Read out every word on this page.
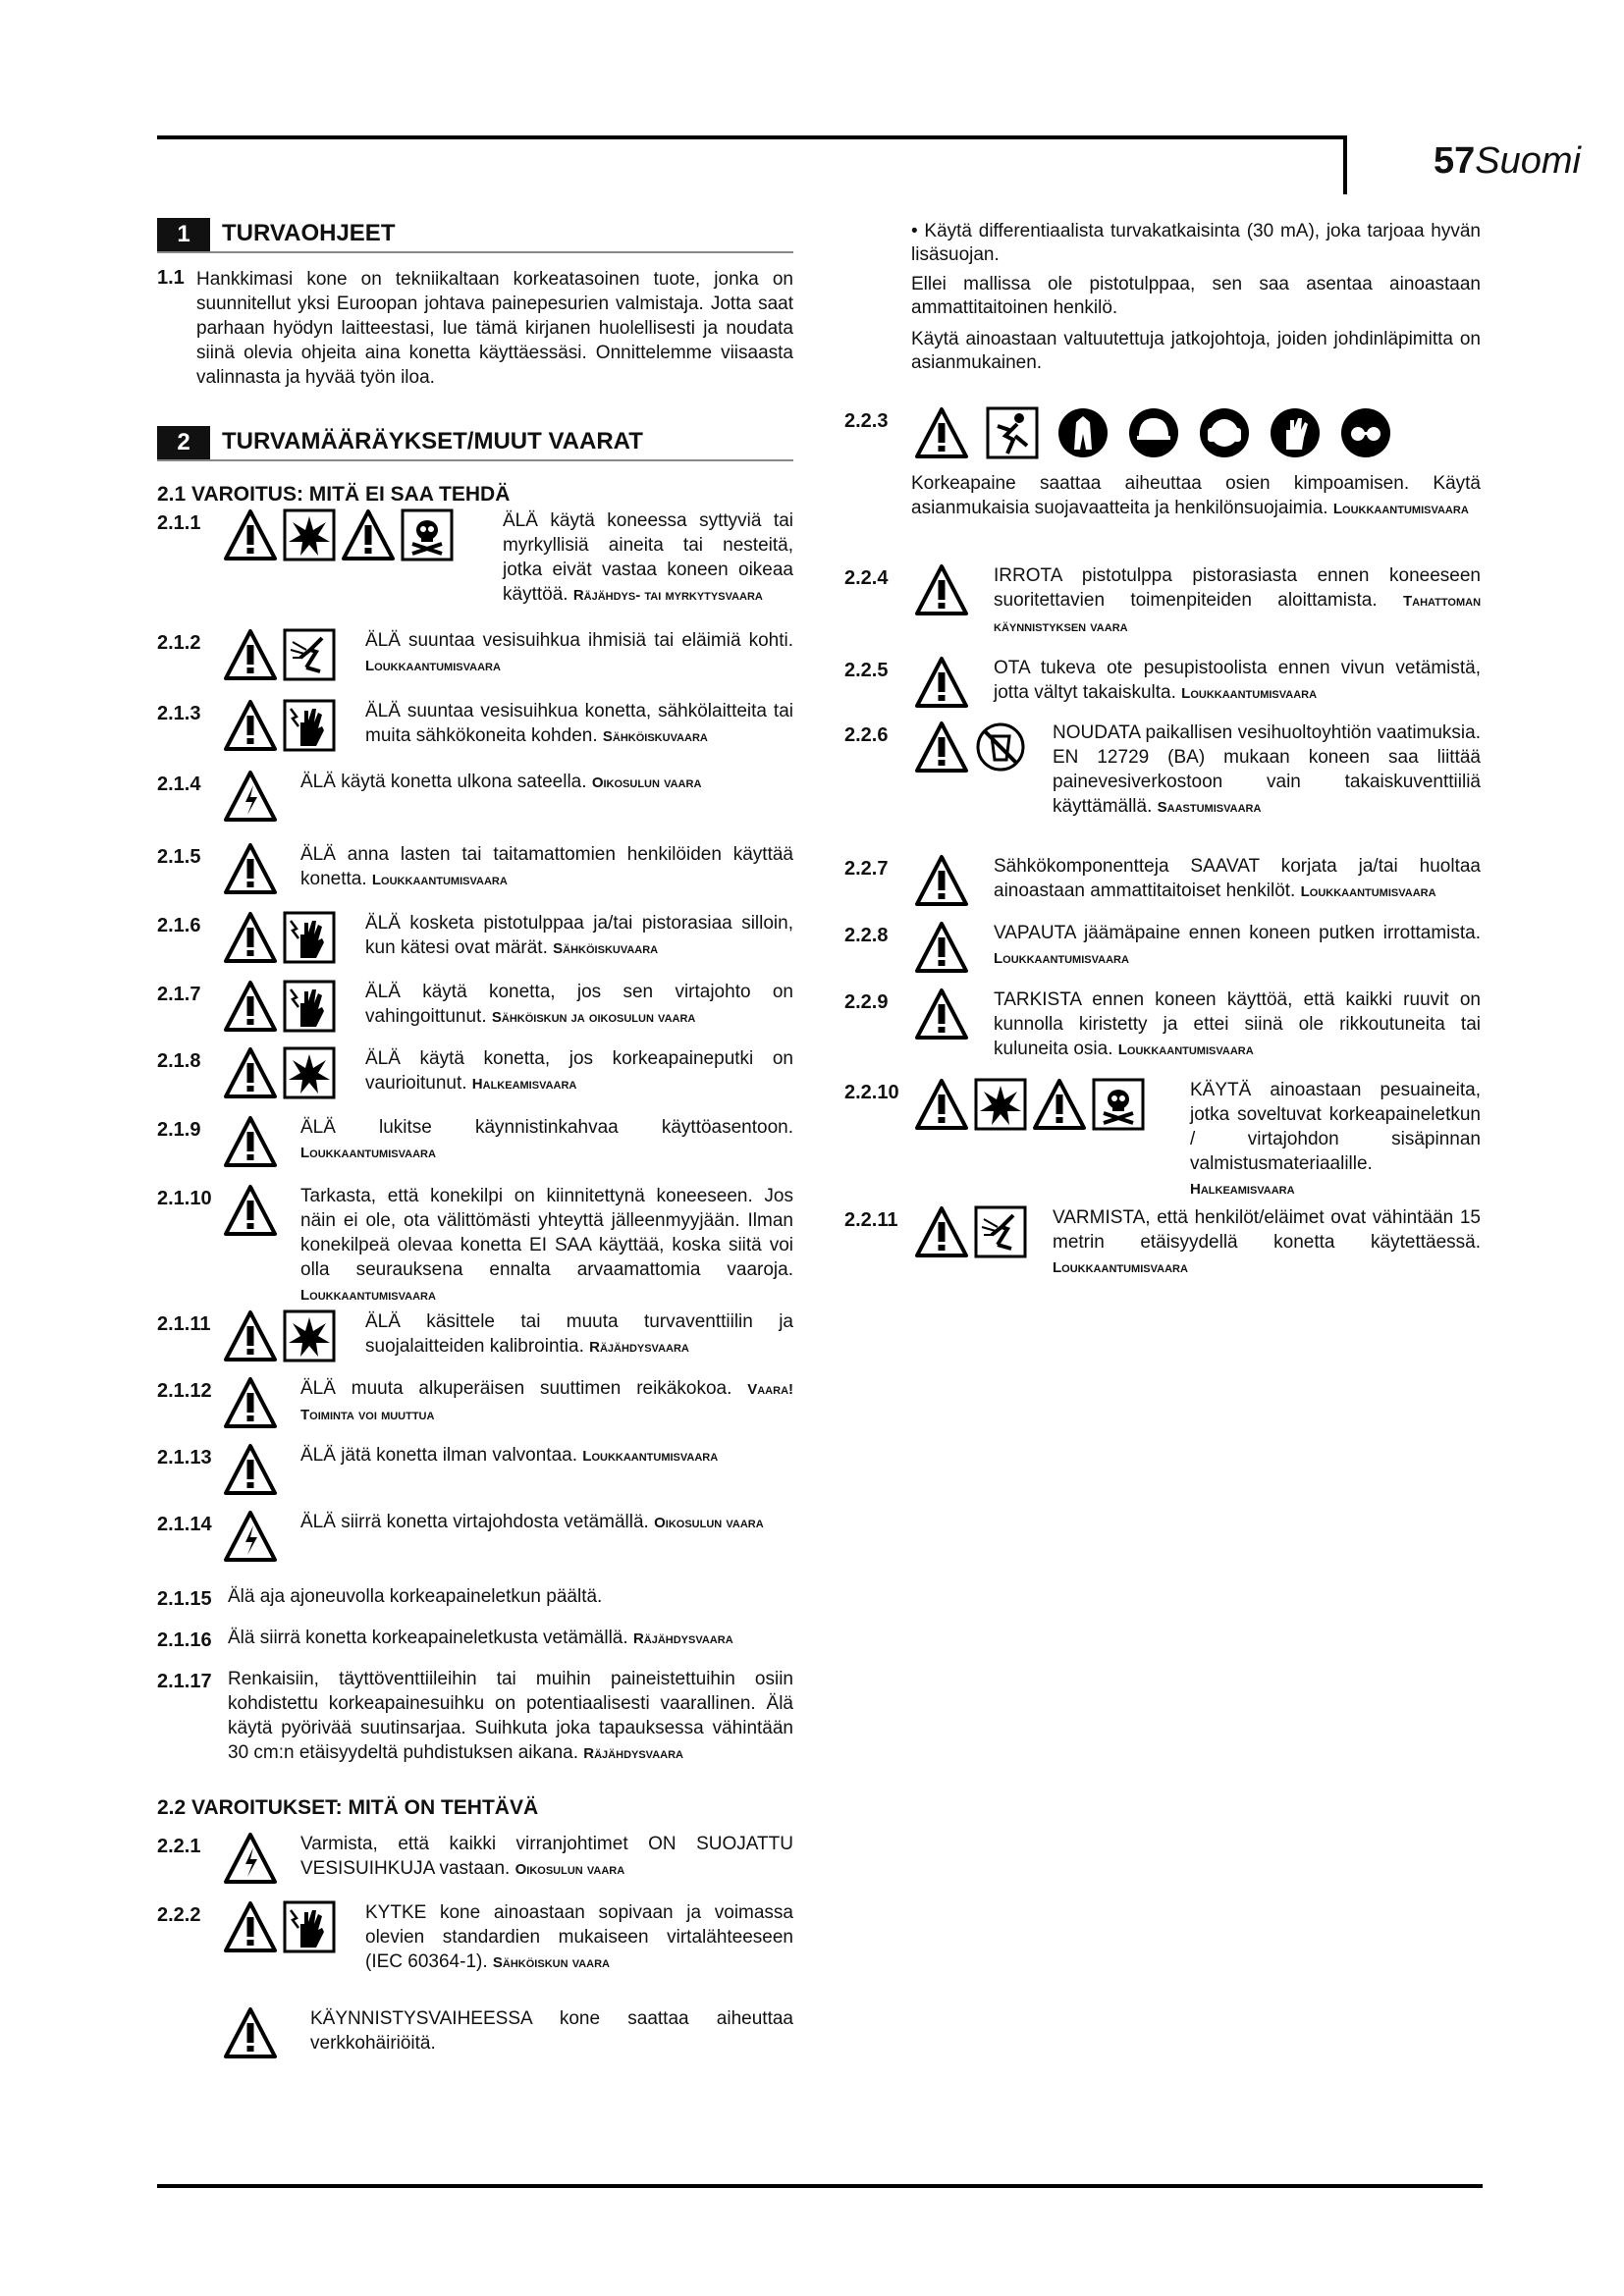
57Suomi
1	TURVAOHJEET
1.1 Hankkimasi kone on tekniikaltaan korkeatasoinen tuote, jonka on suunnitellut yksi Euroopan johtava painepesurien valmistaja. Jotta saat parhaan hyödyn laitteestasi, lue tämä kirjanen huolellisesti ja noudata siinä olevia ohjeita aina konetta käyttäessäsi. Onnittelemme viisaasta valinnasta ja hyvää työn iloa.
2	TURVAMÄÄRÄYKSET/MUUT VAARAT
2.1 VAROITUS: MITÄ EI SAA TEHDÄ
2.1.1	ÄLÄ käytä koneessa syttyviä tai myrkyllisiä aineita tai nesteitä, jotka eivät vastaa koneen oikeaa käyttöä. Räjähdys- tai myrkytysvaara
2.1.2	ÄLÄ suuntaa vesisuihkua ihmisiä tai eläimiä kohti. Loukkaantumisvaara
2.1.3	ÄLÄ suuntaa vesisuihkua konetta, sähkölaitteita tai muita sähkökoneita kohden. Sähköiskuvaara
2.1.4	ÄLÄ käytä konetta ulkona sateella. Oikosulun vaara
2.1.5	ÄLÄ anna lasten tai taitamattomien henkilöiden käyttää konetta. Loukkaantumisvaara
2.1.6	ÄLÄ kosketa pistotulppaa ja/tai pistorasiaa silloin, kun kätesi ovat märät. Sähköiskuvaara
2.1.7	ÄLÄ käytä konetta, jos sen virtajohto on vahingoittunut. Sähköiskun ja oikosulun vaara
2.1.8	ÄLÄ käytä konetta, jos korkeapaineputki on vaurioitunut. Halkeamisvaara
2.1.9	ÄLÄ lukitse käynnistinkahvaa käyttöasentoon. Loukkaantumisvaara
2.1.10	Tarkasta, että konekilpi on kiinnitettynä koneeseen. Jos näin ei ole, ota välittömästi yhteyttä jälleenmyyjään. Ilman konekilpeä olevaa konetta EI SAA käyttää, koska siitä voi olla seurauksena ennalta arvaamattomia vaaroja. Loukkaantumisvaara
2.1.11	ÄLÄ käsittele tai muuta turvaventtiilin ja suojalaitteiden kalibrointia. Räjähdysvaara
2.1.12	ÄLÄ muuta alkuperäisen suuttimen reikäkokoa. Vaara! Toiminta voi muuttua
2.1.13	ÄLÄ jätä konetta ilman valvontaa. Loukkaantumisvaara
2.1.14	ÄLÄ siirrä konetta virtajohdosta vetämällä. Oikosulun vaara
2.1.15 Älä aja ajoneuvolla korkeapaineletkun päältä.
2.1.16 Älä siirrä konetta korkeapaineletkusta vetämällä. Räjähdysvaara
2.1.17 Renkaisiin, täyttöventtiileihin tai muihin paineistettuihin osiin kohdistettu korkeapainesuihku on potentiaalisesti vaarallinen. Älä käytä pyörivää suutinsarjaa. Suihkuta joka tapauksessa vähintään 30 cm:n etäisyydeltä puhdistuksen aikana. Räjähdysvaara
2.2.1	Varmista, että kaikki virranjohtimet ON SUOJATTU VESISUIHKUJA vastaan. Oikosulun vaara
2.2.2	KYTKE kone ainoastaan sopivaan ja voimassa olevien standardien mukaiseen virtalähteeseen (IEC 60364-1). Sähköiskun vaara
KÄYNNISTYSVAIHEESSA kone saattaa aiheuttaa verkkohäiriöitä.
2.2 VAROITUKSET: MITÄ ON TEHTÄVÄ
• Käytä differentiaalista turvakatkaisinta (30 mA), joka tarjoaa hyvän lisäsuojan.
Ellei mallissa ole pistotulppaa, sen saa asentaa ainoastaan ammattitaitoinen henkilö.
Käytä ainoastaan valtuutettuja jatkojohtoja, joiden johdinläpimitta on asianmukainen.
2.2.3
Korkeapaine saattaa aiheuttaa osien kimpoamisen. Käytä asianmukaisia suojavaatteita ja henkilönsuojaimia. Loukkaantumisvaara
2.2.4	IRROTA pistotulppa pistorasiasta ennen koneeseen suoritettavien toimenpiteiden aloittamista. Tahattoman käynnistyksen vaara
2.2.5	OTA tukeva ote pesupistoolista ennen vivun vetämistä, jotta vältyt takaiskulta. Loukkaantumisvaara
2.2.6	NOUDATA paikallisen vesihuoltoyhtiön vaatimuksia. EN 12729 (BA) mukaan koneen saa liittää painevesiverkostoon vain takaiskuventtiiliä käyttämällä. Saastumisvaara
2.2.7	Sähkökomponentteja SAAVAT korjata ja/tai huoltaa ainoastaan ammattitaitoiset henkilöt. Loukkaantumisvaara
2.2.8	VAPAUTA jäämäpaine ennen koneen putken irrottamista. Loukkaantumisvaara
2.2.9	TARKISTA ennen koneen käyttöä, että kaikki ruuvit on kunnolla kiristetty ja ettei siinä ole rikkoutuneita tai kuluneita osia. Loukkaantumisvaara
2.2.10	KÄYTÄ ainoastaan pesuaineita, jotka soveltuvat korkeapaineletkun / virtajohdon sisäpinnan valmistusmateriaalille. Halkeamisvaara
2.2.11	VARMISTA, että henkilöt/eläimet ovat vähintään 15 metrin etäisyydellä konetta käytettäessä. Loukkaantumisvaara
